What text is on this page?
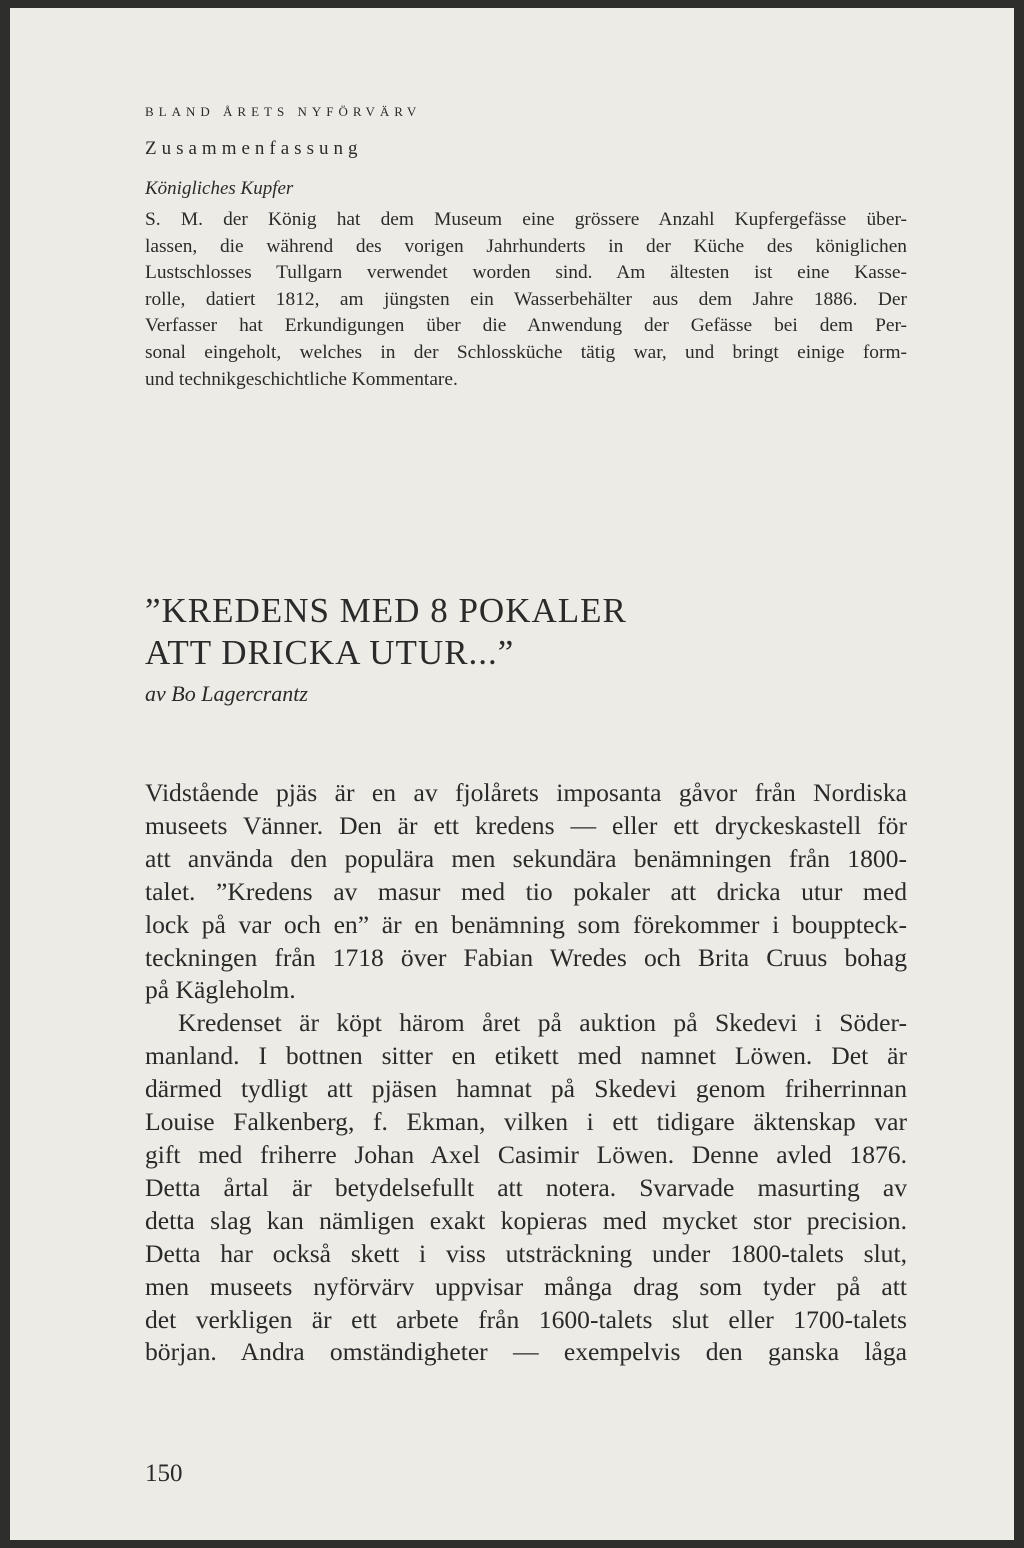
BLAND ÅRETS NYFÖRVÄRV
Zusammenfassung
Königliches Kupfer
S. M. der König hat dem Museum eine grössere Anzahl Kupfergefässe über-
lassen, die während des vorigen Jahrhunderts in der Küche des königlichen
Lustschlosses Tullgarn verwendet worden sind. Am ältesten ist eine Kasse-
rolle, datiert 1812, am jüngsten ein Wasserbehälter aus dem Jahre 1886. Der
Verfasser hat Erkundigungen über die Anwendung der Gefässe bei dem Per-
sonal eingeholt, welches in der Schlossküche tätig war, und bringt einige form-
und technikgeschichtliche Kommentare.
”KREDENS MED 8 POKALER
ATT DRICKA UTUR...”
av Bo Lagercrantz
Vidstående pjäs är en av fjolårets imposanta gåvor från Nordiska
museets Vänner. Den är ett kredens — eller ett dryckeskastell för
att använda den populära men sekundära benämningen från 1800-
talet. ”Kredens av masur med tio pokaler att dricka utur med
lock på var och en” är en benämning som förekommer i bouppteck-
teckningen från 1718 över Fabian Wredes och Brita Cruus bohag
på Kägleholm.
Kredenset är köpt härom året på auktion på Skedevi i Söder-
manland. I bottnen sitter en etikett med namnet Löwen. Det är
därmed tydligt att pjäsen hamnat på Skedevi genom friherrinnan
Louise Falkenberg, f. Ekman, vilken i ett tidigare äktenskap var
gift med friherre Johan Axel Casimir Löwen. Denne avled 1876.
Detta årtal är betydelsefullt att notera. Svarvade masurting av
detta slag kan nämligen exakt kopieras med mycket stor precision.
Detta har också skett i viss utsträckning under 1800-talets slut,
men museets nyförvärv uppvisar många drag som tyder på att
det verkligen är ett arbete från 1600-talets slut eller 1700-talets
början. Andra omständigheter — exempelvis den ganska låga
150
